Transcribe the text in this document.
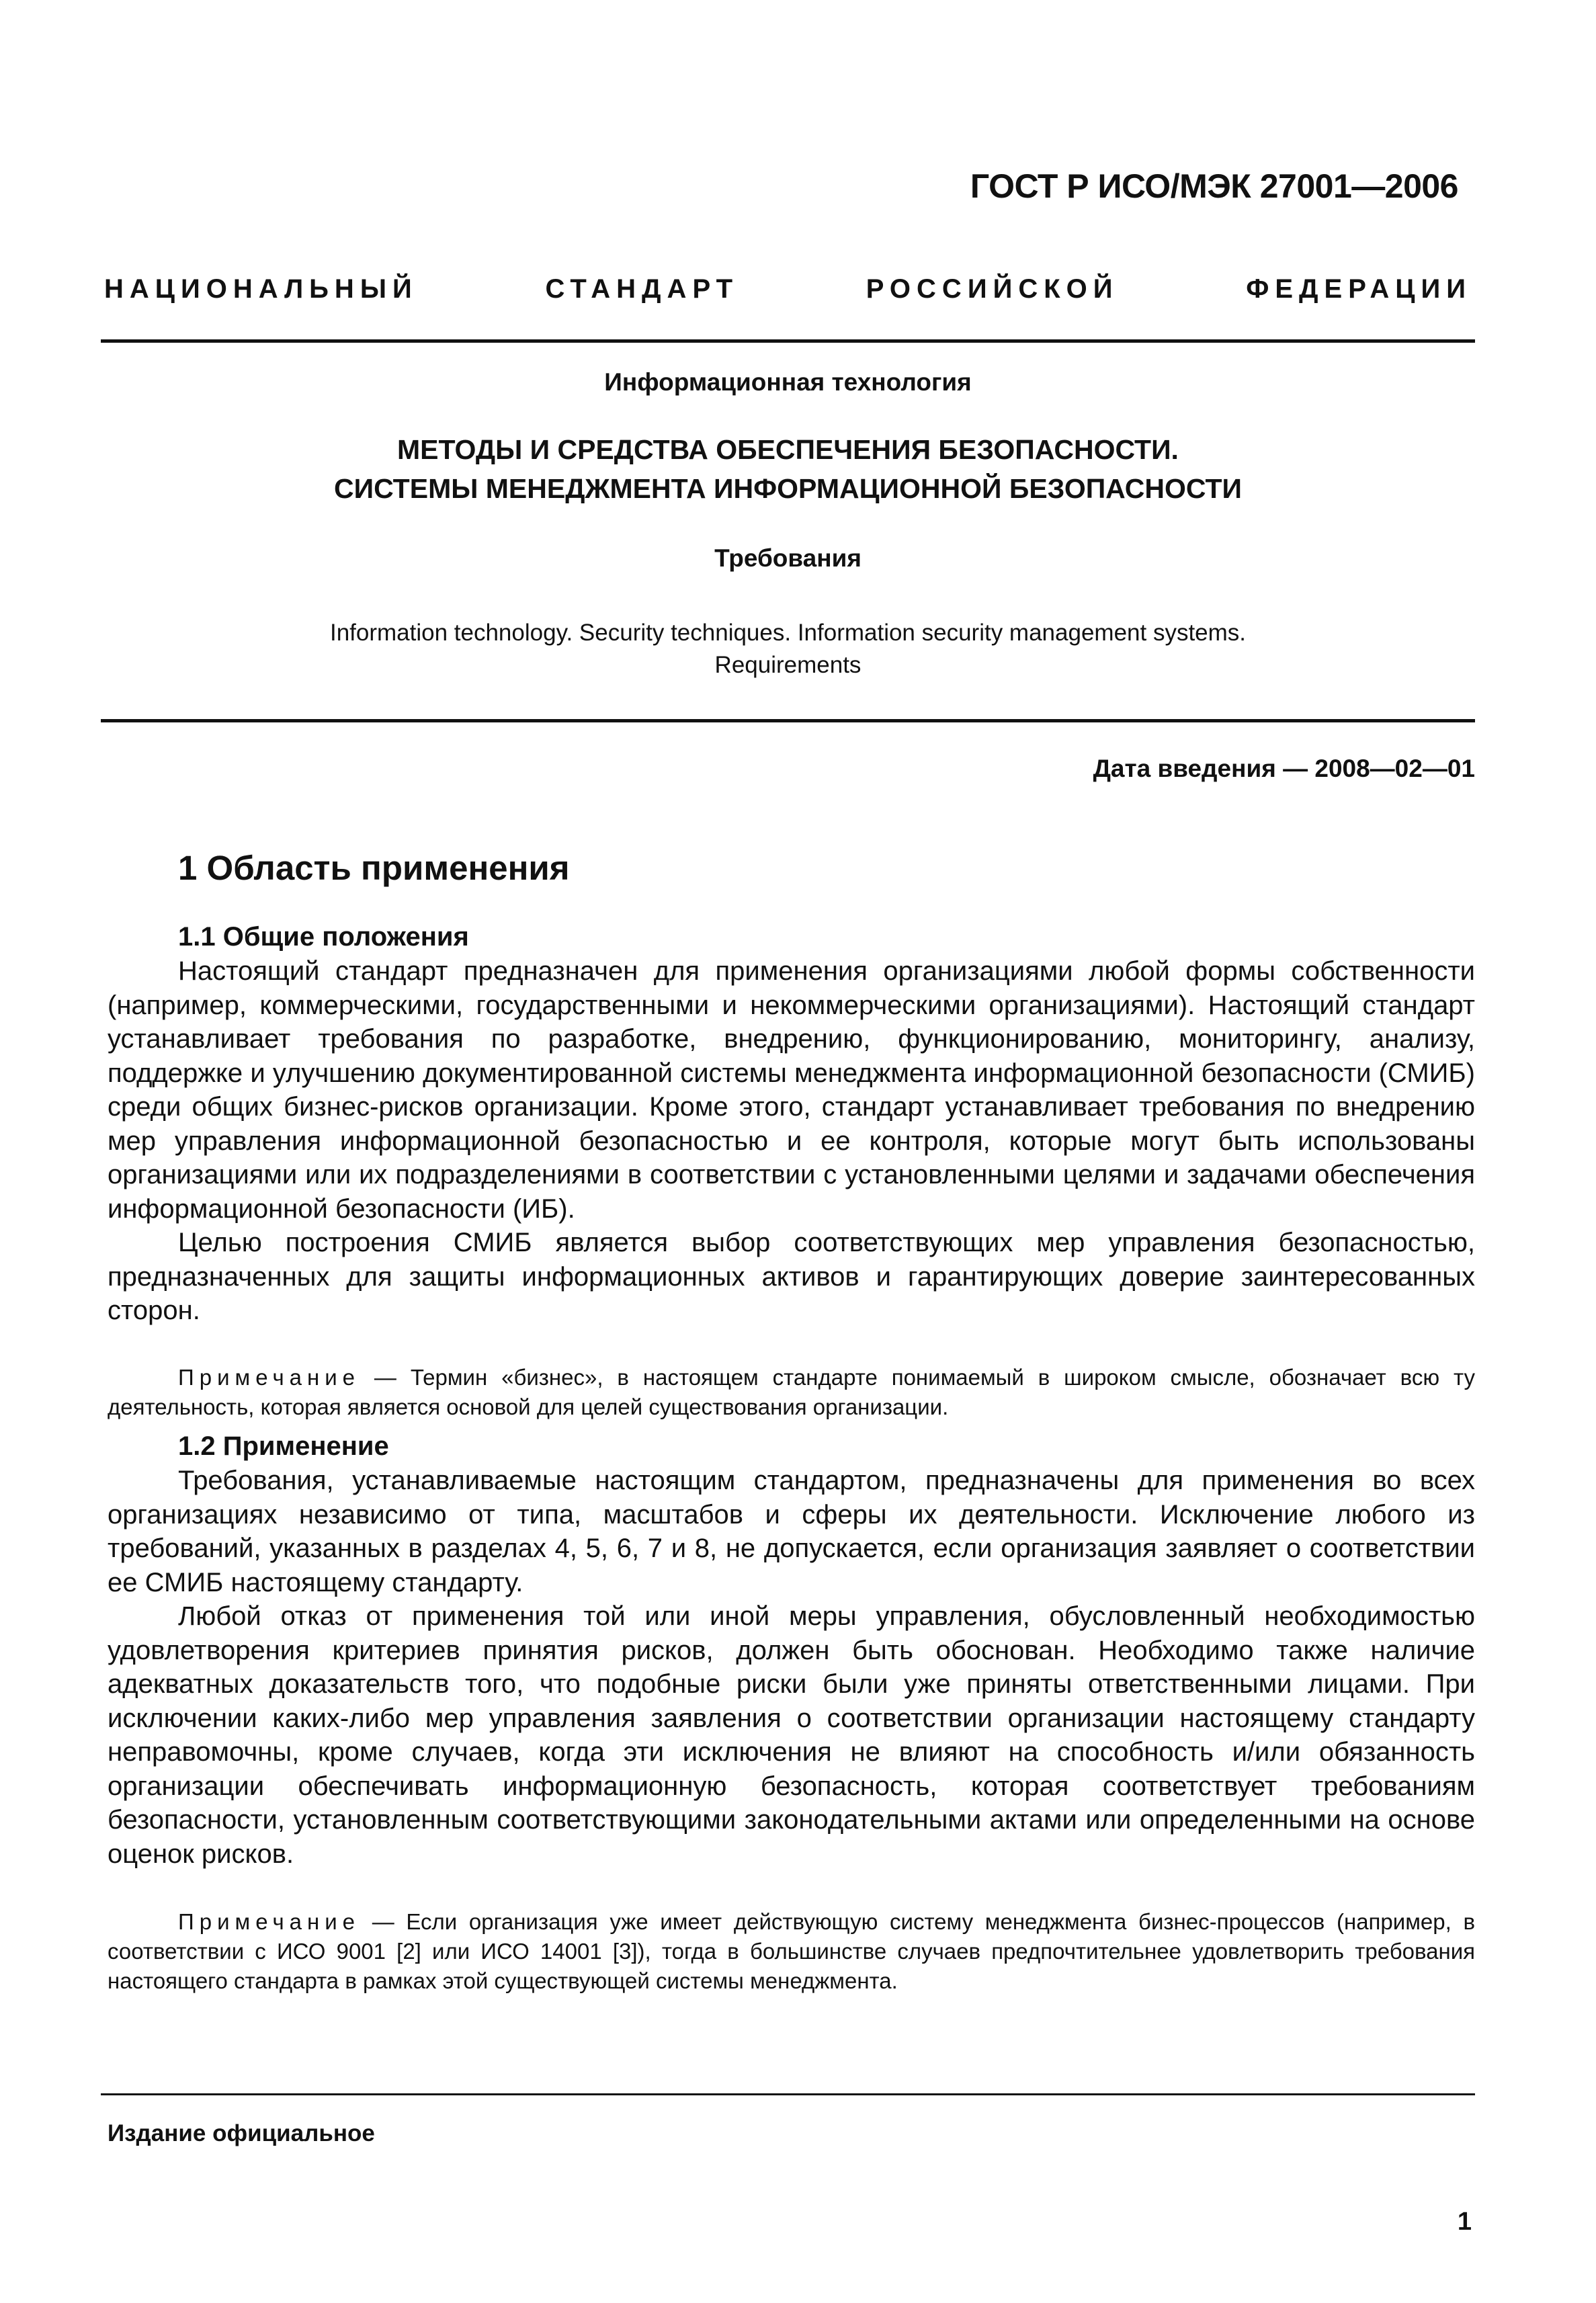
ГОСТ Р ИСО/МЭК 27001—2006
НАЦИОНАЛЬНЫЙ СТАНДАРТ РОССИЙСКОЙ ФЕДЕРАЦИИ
Информационная технология
МЕТОДЫ И СРЕДСТВА ОБЕСПЕЧЕНИЯ БЕЗОПАСНОСТИ.
СИСТЕМЫ МЕНЕДЖМЕНТА ИНФОРМАЦИОННОЙ БЕЗОПАСНОСТИ
Требования
Information technology. Security techniques. Information security management systems.
Requirements
Дата введения — 2008—02—01
1 Область применения
1.1 Общие положения

Настоящий стандарт предназначен для применения организациями любой формы собственности (например, коммерческими, государственными и некоммерческими организациями). Настоящий стандарт устанавливает требования по разработке, внедрению, функционированию, мониторингу, анализу, поддержке и улучшению документированной системы менеджмента информационной безопасности (СМИБ) среди общих бизнес-рисков организации. Кроме этого, стандарт устанавливает требования по внедрению мер управления информационной безопасностью и ее контроля, которые могут быть использованы организациями или их подразделениями в соответствии с установленными целями и задачами обеспечения информационной безопасности (ИБ).

Целью построения СМИБ является выбор соответствующих мер управления безопасностью, предназначенных для защиты информационных активов и гарантирующих доверие заинтересованных сторон.

Примечание — Термин «бизнес», в настоящем стандарте понимаемый в широком смысле, обозначает всю ту деятельность, которая является основой для целей существования организации.

1.2 Применение

Требования, устанавливаемые настоящим стандартом, предназначены для применения во всех организациях независимо от типа, масштабов и сферы их деятельности. Исключение любого из требований, указанных в разделах 4, 5, 6, 7 и 8, не допускается, если организация заявляет о соответствии ее СМИБ настоящему стандарту.

Любой отказ от применения той или иной меры управления, обусловленный необходимостью удовлетворения критериев принятия рисков, должен быть обоснован. Необходимо также наличие адекватных доказательств того, что подобные риски были уже приняты ответственными лицами. При исключении каких-либо мер управления заявления о соответствии организации настоящему стандарту неправомочны, кроме случаев, когда эти исключения не влияют на способность и/или обязанность организации обеспечивать информационную безопасность, которая соответствует требованиям безопасности, установленным соответствующими законодательными актами или определенными на основе оценок рисков.

Примечание — Если организация уже имеет действующую систему менеджмента бизнес-процессов (например, в соответствии с ИСО 9001 [2] или ИСО 14001 [3]), тогда в большинстве случаев предпочтительнее удовлетворить требования настоящего стандарта в рамках этой существующей системы менеджмента.

Издание официальное
1
